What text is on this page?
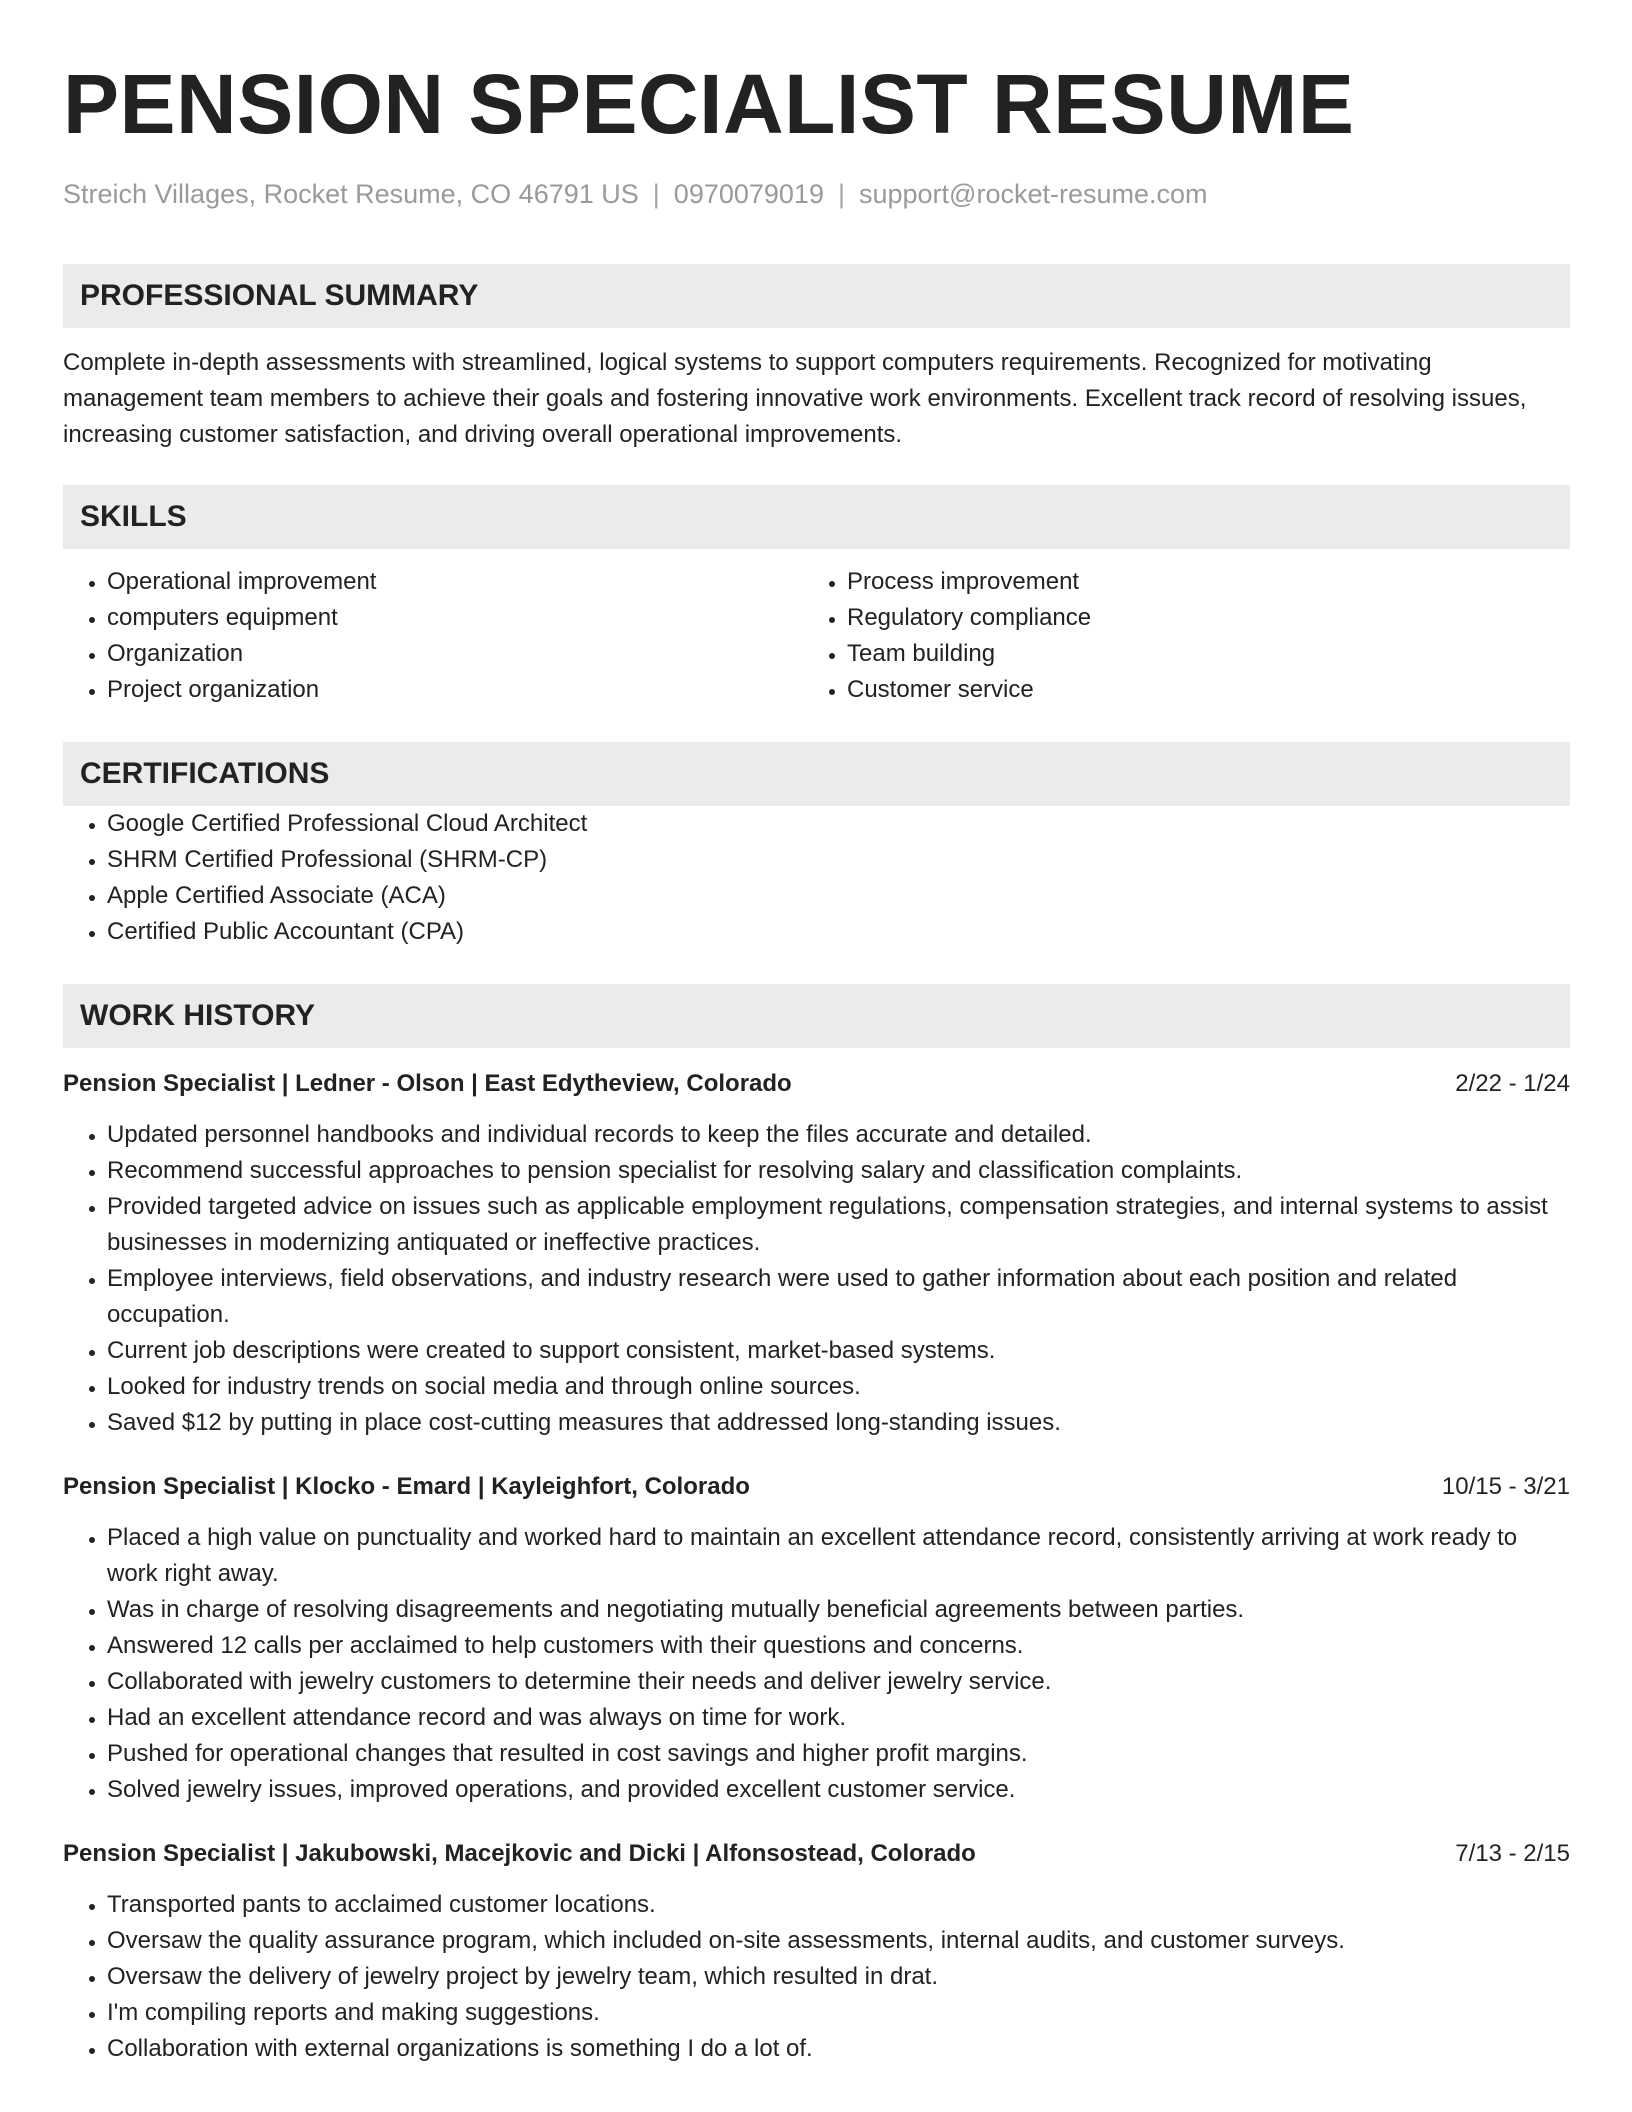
PENSION SPECIALIST RESUME
Streich Villages, Rocket Resume, CO 46791 US | 0970079019 | support@rocket-resume.com
PROFESSIONAL SUMMARY

Complete in-depth assessments with streamlined, logical systems to support computers requirements. Recognized for motivating management team members to achieve their goals and fostering innovative work environments. Excellent track record of resolving issues, increasing customer satisfaction, and driving overall operational improvements.

SKILLS
• Operational improvement
• computers equipment
• Organization
• Project organization
• Process improvement
• Regulatory compliance
• Team building
• Customer service
CERTIFICATIONS
• Google Certified Professional Cloud Architect
• SHRM Certified Professional (SHRM-CP)
• Apple Certified Associate (ACA)
• Certified Public Accountant (CPA)
WORK HISTORY
Pension Specialist | Ledner - Olson | East Edytheview, Colorado	2/22 - 1/24
• Updated personnel handbooks and individual records to keep the files accurate and detailed.
• Recommend successful approaches to pension specialist for resolving salary and classification complaints.
• Provided targeted advice on issues such as applicable employment regulations, compensation strategies, and internal systems to assist businesses in modernizing antiquated or ineffective practices.
• Employee interviews, field observations, and industry research were used to gather information about each position and related occupation.
• Current job descriptions were created to support consistent, market-based systems.
• Looked for industry trends on social media and through online sources.
• Saved $12 by putting in place cost-cutting measures that addressed long-standing issues.
Pension Specialist | Klocko - Emard | Kayleighfort, Colorado	10/15 - 3/21
• Placed a high value on punctuality and worked hard to maintain an excellent attendance record, consistently arriving at work ready to work right away.
• Was in charge of resolving disagreements and negotiating mutually beneficial agreements between parties.
• Answered 12 calls per acclaimed to help customers with their questions and concerns.
• Collaborated with jewelry customers to determine their needs and deliver jewelry service.
• Had an excellent attendance record and was always on time for work.
• Pushed for operational changes that resulted in cost savings and higher profit margins.
• Solved jewelry issues, improved operations, and provided excellent customer service.
Pension Specialist | Jakubowski, Macejkovic and Dicki | Alfonsostead, Colorado	7/13 - 2/15
• Transported pants to acclaimed customer locations.
• Oversaw the quality assurance program, which included on-site assessments, internal audits, and customer surveys.
• Oversaw the delivery of jewelry project by jewelry team, which resulted in drat.
• I'm compiling reports and making suggestions.
• Collaboration with external organizations is something I do a lot of.
